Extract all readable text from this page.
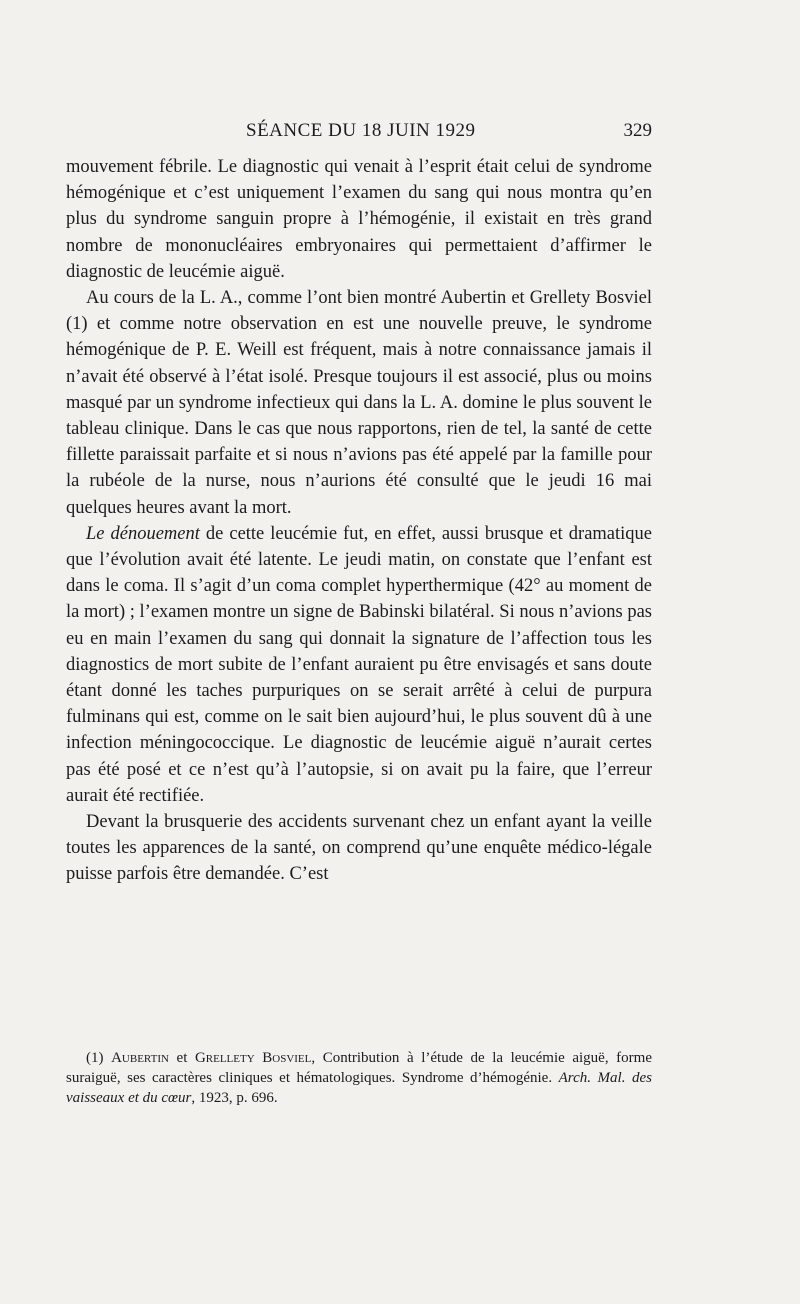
SÉANCE DU 18 JUIN 1929	329

mouvement fébrile. Le diagnostic qui venait à l’esprit était celui de syndrome hémogénique et c’est uniquement l’examen du sang qui nous montra qu’en plus du syndrome sanguin propre à l’hémogénie, il existait en très grand nombre de mononucléaires embryonaires qui permettaient d’affirmer le diagnostic de leucémie aiguë.

Au cours de la L. A., comme l’ont bien montré Aubertin et Grellety Bosviel (1) et comme notre observation en est une nouvelle preuve, le syndrome hémogénique de P. E. Weill est fréquent, mais à notre connaissance jamais il n’avait été observé à l’état isolé. Presque toujours il est associé, plus ou moins masqué par un syndrome infectieux qui dans la L. A. domine le plus souvent le tableau clinique. Dans le cas que nous rapportons, rien de tel, la santé de cette fillette paraissait parfaite et si nous n’avions pas été appelé par la famille pour la rubéole de la nurse, nous n’aurions été consulté que le jeudi 16 mai quelques heures avant la mort.

Le dénouement de cette leucémie fut, en effet, aussi brusque et dramatique que l’évolution avait été latente. Le jeudi matin, on constate que l’enfant est dans le coma. Il s’agit d’un coma complet hyperthermique (42° au moment de la mort) ; l’examen montre un signe de Babinski bilatéral. Si nous n’avions pas eu en main l’examen du sang qui donnait la signature de l’affection tous les diagnostics de mort subite de l’enfant auraient pu être envisagés et sans doute étant donné les taches purpuriques on se serait arrêté à celui de purpura fulminans qui est, comme on le sait bien aujourd’hui, le plus souvent dû à une infection méningococcique. Le diagnostic de leucémie aiguë n’aurait certes pas été posé et ce n’est qu’à l’autopsie, si on avait pu la faire, que l’erreur aurait été rectifiée.

Devant la brusquerie des accidents survenant chez un enfant ayant la veille toutes les apparences de la santé, on comprend qu’une enquête médico-légale puisse parfois être demandée. C’est

(1) Aubertin et Grellety Bosviel, Contribution à l’étude de la leucémie aiguë, forme suraiguë, ses caractères cliniques et hématologiques. Syndrome d’hémogénie. Arch. Mal. des vaisseaux et du cœur, 1923, p. 696.
